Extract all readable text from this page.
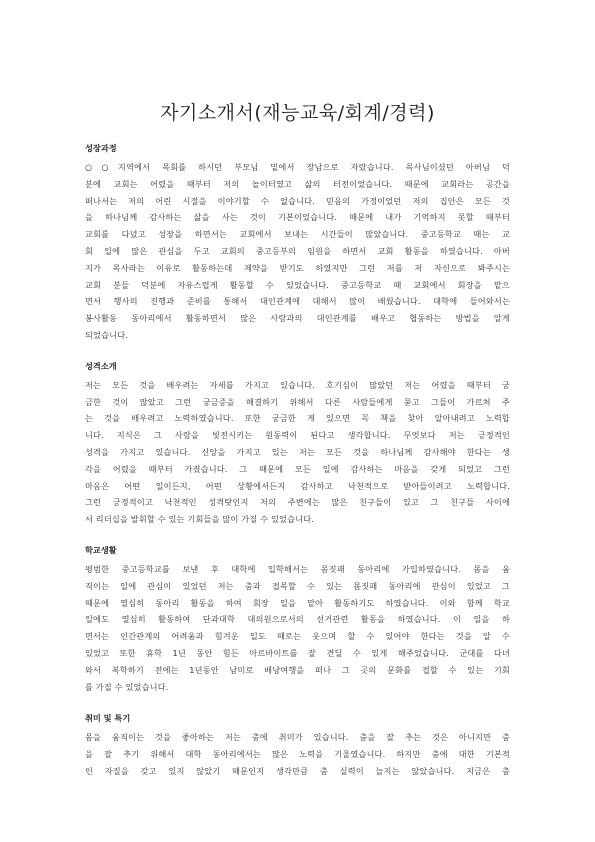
자기소개서(재능교육/회계/경력)
성장과정
○○지역에서 목회를 하시던 부모님 밑에서 장남으로 자랐습니다. 목사님이셨던 아버님 덕
분에 교회는 어렸을 때부터 저의 놀이터였고 삶의 터전이었습니다. 때문에 교회라는 공간을
떠나서는 저의 어린 시절을 이야기할 수 없습니다. 믿음의 가정이었던 저의 집안은 모든 것
을 하나님께 감사하는 삶을 사는 것이 기본이었습니다. 때문에 내가 기억하지 못할 때부터
교회를 다녔고 성장을 하면서는 교회에서 보내는 시간들이 많았습니다. 중고등학교 때는 교
회 일에 많은 관심을 두고 교회의 중고등부의 임원을 하면서 교회 활동을 하였습니다. 아버
지가 목사라는 이유로 활동하는데 제약을 받기도 하였지만 그런 저를 저 자신으로 봐주시는
교회 분들 덕분에 자유스럽게 활동할 수 있었습니다. 중고등학교 때 교회에서 회장을 맡으
면서 행사의 진행과 준비를 통해서 대인관계에 대해서 많이 배웠습니다. 대학에 들어와서는
봉사활동 동아리에서 활동하면서 많은 사람과의 대인관계를 배우고 협동하는 방법을 알게
되었습니다.
성격소개
저는 모든 것을 배우려는 자세를 가지고 있습니다. 호기심이 많았던 저는 어렸을 때부터 궁
금한 것이 많았고 그런 궁금증을 해결하기 위해서 다른 사람들에게 묻고 그들이 가르쳐 주
는 것을 배우려고 노력하였습니다. 또한 궁금한 게 있으면 꼭 책을 찾아 알아내려고 노력합
니다. 지식은 그 사람을 빛전시키는 원동력이 된다고 생각합니다. 무엇보다 저는 긍정적인
성격을 가지고 있습니다. 신앙을 가지고 있는 저는 모든 것을 하나님께 감사해야 한다는 생
각을 어렸을 때부터 가졌습니다. 그 때문에 모든 일에 감사하는 마음을 갖게 되었고 그런
마음은 어떤 일이든지, 어떤 상황에서든지 감사하고 낙천적으로 받아들이려고 노력합니다.
그런 긍정적이고 낙천적인 성격탓인지 저의 주변에는 많은 친구들이 있고 그 친구들 사이에
서 리더십을 발휘할 수 있는 기회들을 많이 가질 수 있었습니다.
학교생활
평범한 중고등학교를 보낸 후 대학에 입학해서는 몸짓패 동아리에 가입하였습니다. 몸을 움
직이는 일에 관심이 있었던 저는 춤과 접목할 수 있는 몸짓패 동아리에 관심이 있었고 그
때문에 열심히 동아리 활동을 하여 회장 일을 맡아 활동하기도 하였습니다. 이와 함께 학교
일에도 열심히 활동하여 단과대학 대의원으로서의 선거관련 활동을 하였습니다. 이 일을 하
면서는 인간관계의 어려움과 힘겨운 일도 때로는 웃으며 할 수 있어야 한다는 것을 알 수
있었고 또한 휴학 1년 동안 힘든 아르바이트를 잘 견딜 수 있게 해주었습니다. 군대를 다녀
와서 복학하기 전에는 1년동안 남미로 배낭여행을 떠나 그 곳의 문화를 접할 수 있는 기회
를 가질 수 있었습니다.
취미 및 특기
몸을 움직이는 것을 좋아하는 저는 춤에 취미가 있습니다. 춤을 잘 추는 것은 아니지만 춤
을 잘 추기 위해서 대학 동아리에서는 많은 노력을 기울였습니다. 하지만 춤에 대한 기본적
인 자질을 갖고 있지 않았기 때문인지 생각만큼 춤 실력이 늘지는 않았습니다. 지금은 춤
